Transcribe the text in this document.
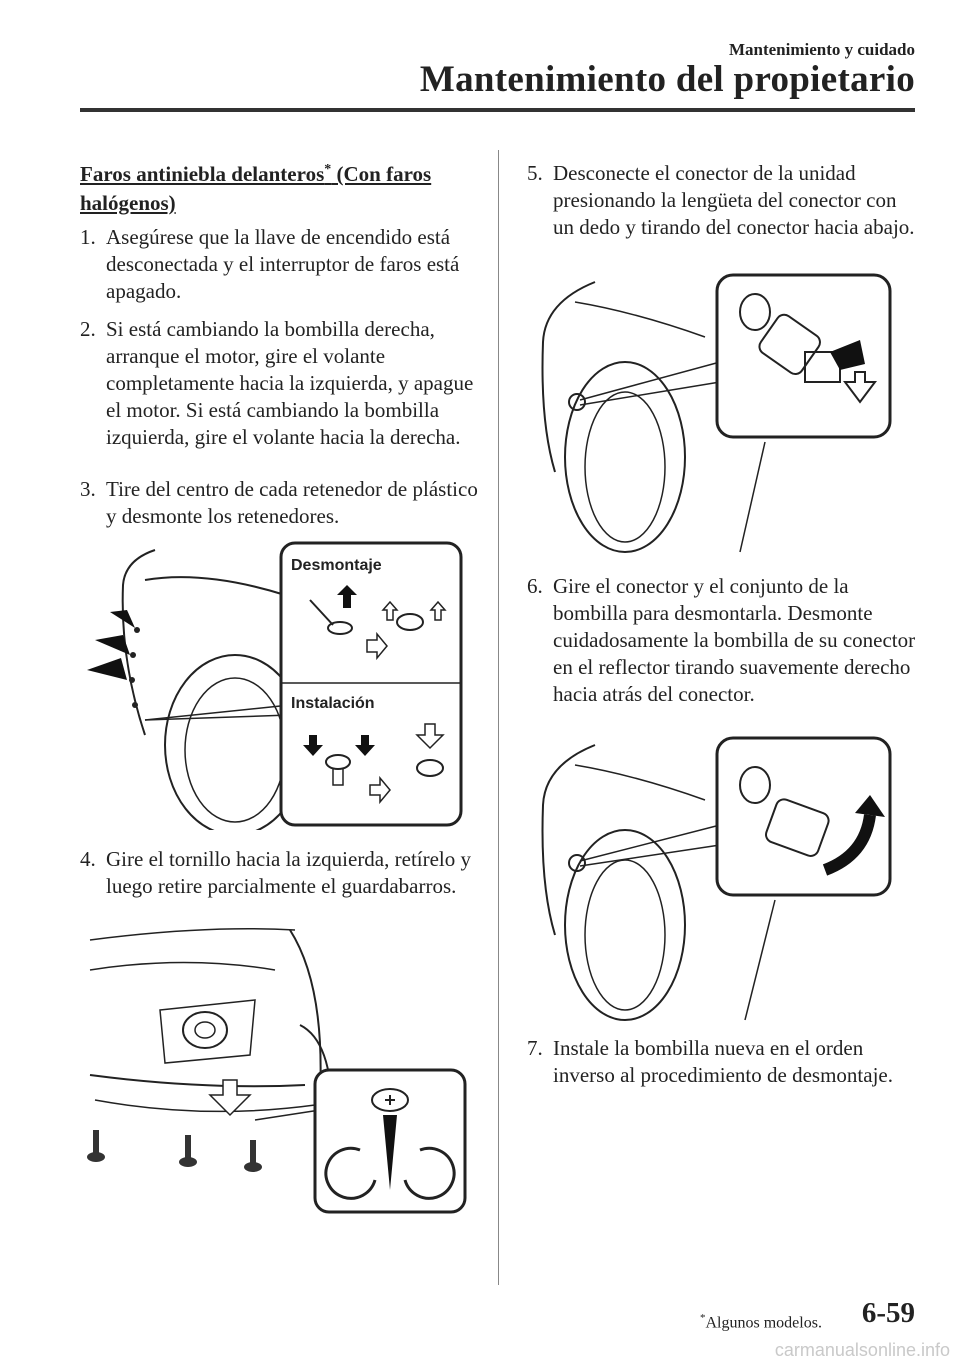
Mantenimiento y cuidado
Mantenimiento del propietario
Faros antiniebla delanteros* (Con faros halógenos)
1. Asegúrese que la llave de encendido está desconectada y el interruptor de faros está apagado.
2. Si está cambiando la bombilla derecha, arranque el motor, gire el volante completamente hacia la izquierda, y apague el motor. Si está cambiando la bombilla izquierda, gire el volante hacia la derecha.
3. Tire del centro de cada retenedor de plástico y desmonte los retenedores.
Desmontaje
Instalación
4. Gire el tornillo hacia la izquierda, retírelo y luego retire parcialmente el guardabarros.
5. Desconecte el conector de la unidad presionando la lengüeta del conector con un dedo y tirando del conector hacia abajo.
6. Gire el conector y el conjunto de la bombilla para desmontarla. Desmonte cuidadosamente la bombilla de su conector en el reflector tirando suavemente derecho hacia atrás del conector.
7. Instale la bombilla nueva en el orden inverso al procedimiento de desmontaje.
*Algunos modelos. 6-59
carmanualsonline.info
